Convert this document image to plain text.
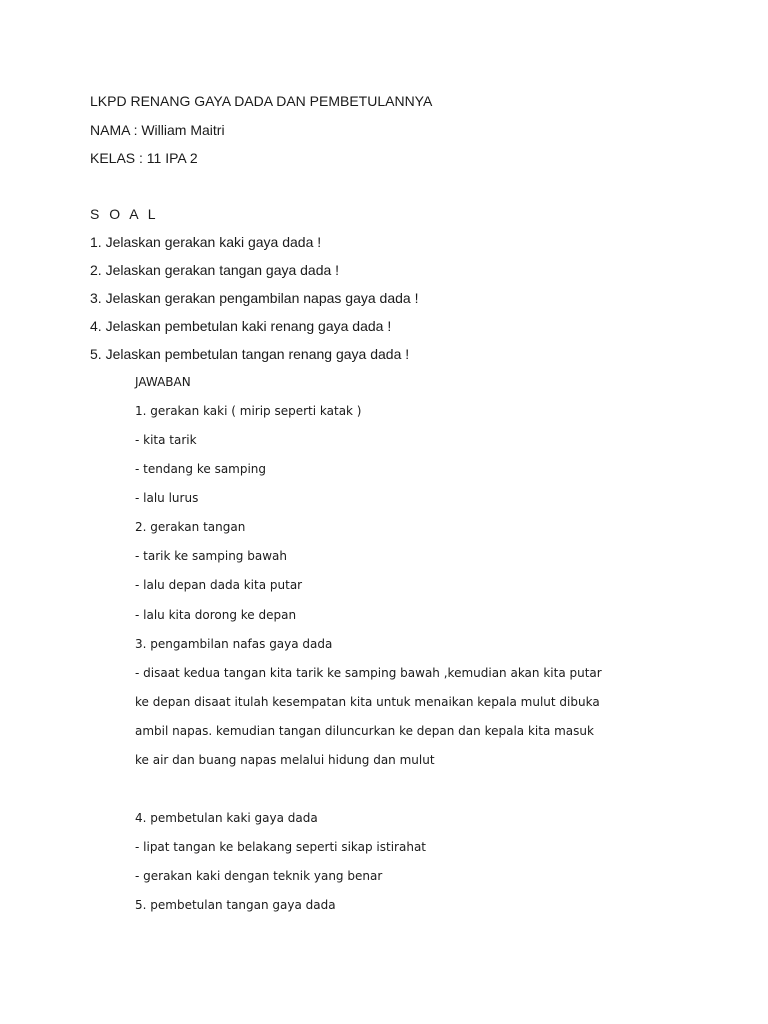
LKPD RENANG GAYA DADA DAN PEMBETULANNYA

NAMA : William Maitri

KELAS : 11 IPA 2

S O A L

1. Jelaskan gerakan kaki gaya dada !

2. Jelaskan gerakan tangan gaya dada !

3. Jelaskan gerakan pengambilan napas gaya dada !

4. Jelaskan pembetulan kaki renang gaya dada !

5. Jelaskan pembetulan tangan renang gaya dada !

JAWABAN

1. gerakan kaki ( mirip seperti katak )

- kita tarik

- tendang ke samping

- lalu lurus

2. gerakan tangan

- tarik ke samping bawah

- lalu depan dada kita putar

- lalu kita dorong ke depan

3. pengambilan nafas gaya dada

- disaat kedua tangan kita tarik ke samping bawah ,kemudian akan kita putar

ke depan disaat itulah kesempatan kita untuk menaikan kepala mulut dibuka

ambil napas. kemudian tangan diluncurkan ke depan dan kepala kita masuk

ke air dan buang napas melalui hidung dan mulut

4. pembetulan kaki gaya dada

- lipat tangan ke belakang seperti sikap istirahat

- gerakan kaki dengan teknik yang benar

5. pembetulan tangan gaya dada
